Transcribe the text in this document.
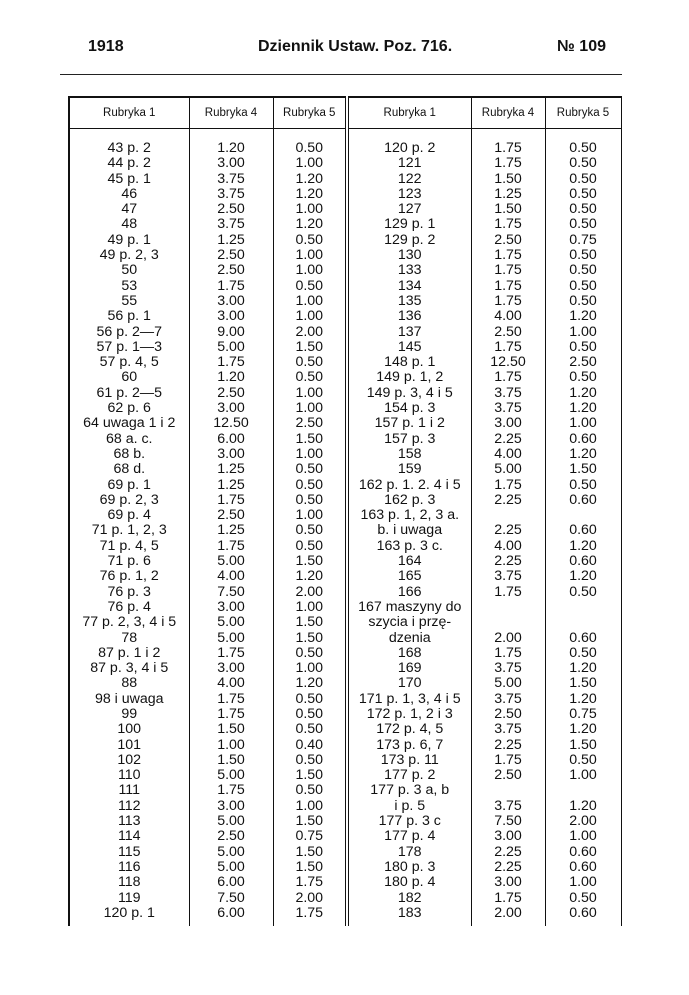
1918	Dziennik Ustaw. Poz. 716.	№ 109
Rubryka 1	Rubryka 4	Rubryka 5	Rubryka 1	Rubryka 4	Rubryka 5

43 p. 2	1.20	0.50	120 p. 2	1.75	0.50
44 p. 2	3.00	1.00	121	1.75	0.50
45 p. 1	3.75	1.20	122	1.50	0.50
46	3.75	1.20	123	1.25	0.50
47	2.50	1.00	127	1.50	0.50
48	3.75	1.20	129 p. 1	1.75	0.50
49 p. 1	1.25	0.50	129 p. 2	2.50	0.75
49 p. 2, 3	2.50	1.00	130	1.75	0.50
50	2.50	1.00	133	1.75	0.50
53	1.75	0.50	134	1.75	0.50
55	3.00	1.00	135	1.75	0.50
56 p. 1	3.00	1.00	136	4.00	1.20
56 p. 2—7	9.00	2.00	137	2.50	1.00
57 p. 1—3	5.00	1.50	145	1.75	0.50
57 p. 4, 5	1.75	0.50	148 p. 1	12.50	2.50
60	1.20	0.50	149 p. 1, 2	1.75	0.50
61 p. 2—5	2.50	1.00	149 p. 3, 4 i 5	3.75	1.20
62 p. 6	3.00	1.00	154 p. 3	3.75	1.20
64 uwaga 1 i 2	12.50	2.50	157 p. 1 i 2	3.00	1.00
68 a. c.	6.00	1.50	157 p. 3	2.25	0.60
68 b.	3.00	1.00	158	4.00	1.20
68 d.	1.25	0.50	159	5.00	1.50
69 p. 1	1.25	0.50	162 p. 1. 2. 4 i 5	1.75	0.50
69 p. 2, 3	1.75	0.50	162 p. 3	2.25	0.60
69 p. 4	2.50	1.00	163 p. 1, 2, 3 a.		
71 p. 1, 2, 3	1.25	0.50	b. i uwaga	2.25	0.60
71 p. 4, 5	1.75	0.50	163 p. 3 c.	4.00	1.20
71 p. 6	5.00	1.50	164	2.25	0.60
76 p. 1, 2	4.00	1.20	165	3.75	1.20
76 p. 3	7.50	2.00	166	1.75	0.50
76 p. 4	3.00	1.00	167 maszyny do		
77 p. 2, 3, 4 i 5	5.00	1.50	szycia i przę-		
78	5.00	1.50	dzenia	2.00	0.60
87 p. 1 i 2	1.75	0.50	168	1.75	0.50
87 p. 3, 4 i 5	3.00	1.00	169	3.75	1.20
88	4.00	1.20	170	5.00	1.50
98 i uwaga	1.75	0.50	171 p. 1, 3, 4 i 5	3.75	1.20
99	1.75	0.50	172 p. 1, 2 i 3	2.50	0.75
100	1.50	0.50	172 p. 4, 5	3.75	1.20
101	1.00	0.40	173 p. 6, 7	2.25	1.50
102	1.50	0.50	173 p. 11	1.75	0.50
110	5.00	1.50	177 p. 2	2.50	1.00
111	1.75	0.50	177 p. 3 a, b		
112	3.00	1.00	i p. 5	3.75	1.20
113	5.00	1.50	177 p. 3 c	7.50	2.00
114	2.50	0.75	177 p. 4	3.00	1.00
115	5.00	1.50	178	2.25	0.60
116	5.00	1.50	180 p. 3	2.25	0.60
118	6.00	1.75	180 p. 4	3.00	1.00
119	7.50	2.00	182	1.75	0.50
120 p. 1	6.00	1.75	183	2.00	0.60
